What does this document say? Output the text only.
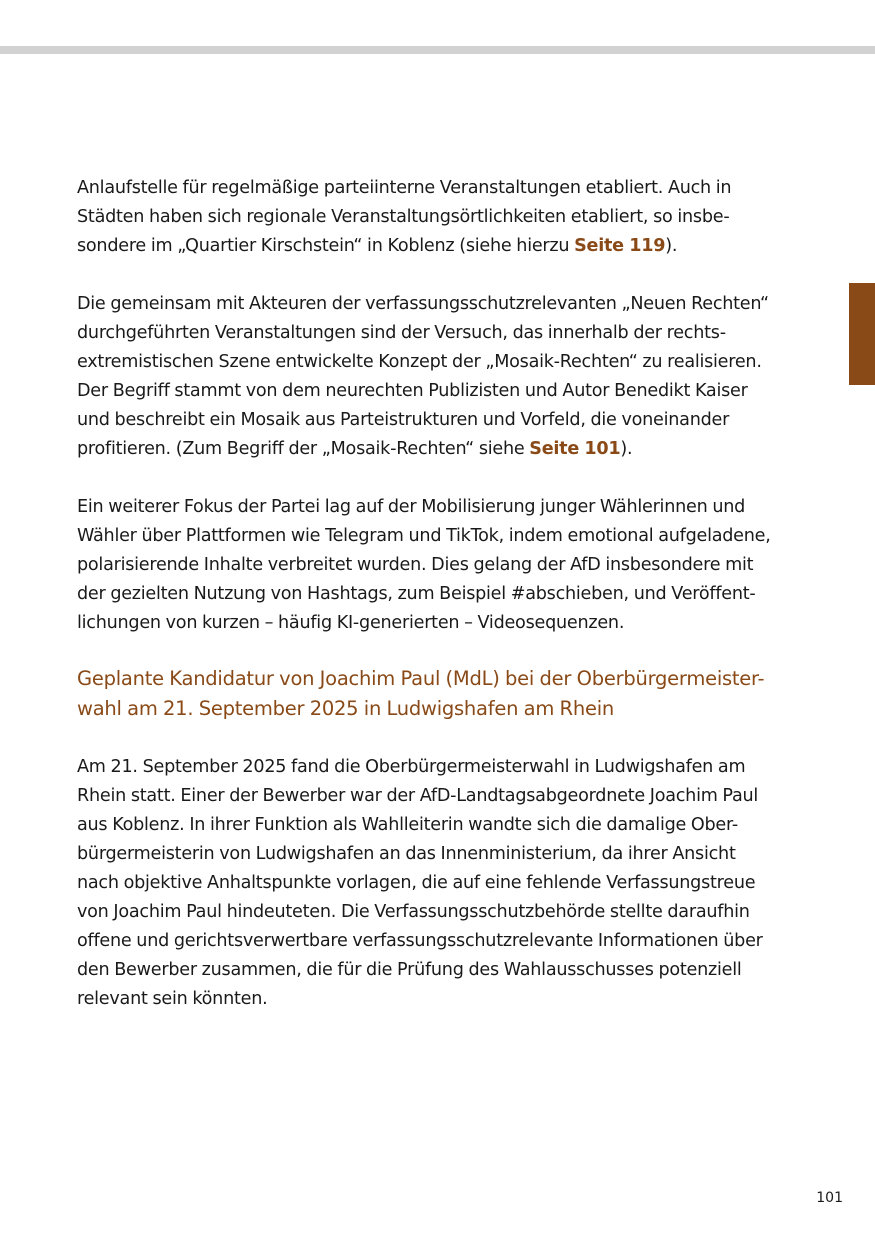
Anlaufstelle für regelmäßige parteiinterne Veranstaltungen etabliert. Auch in
Städten haben sich regionale Veranstaltungsörtlichkeiten etabliert, so insbe-
sondere im „Quartier Kirschstein“ in Koblenz (siehe hierzu Seite 119).

Die gemeinsam mit Akteuren der verfassungsschutzrelevanten „Neuen Rechten“
durchgeführten Veranstaltungen sind der Versuch, das innerhalb der rechts-
extremistischen Szene entwickelte Konzept der „Mosaik-Rechten“ zu realisieren.
Der Begriff stammt von dem neurechten Publizisten und Autor Benedikt Kaiser
und beschreibt ein Mosaik aus Parteistrukturen und Vorfeld, die voneinander
profitieren. (Zum Begriff der „Mosaik-Rechten“ siehe Seite 101).

Ein weiterer Fokus der Partei lag auf der Mobilisierung junger Wählerinnen und
Wähler über Plattformen wie Telegram und TikTok, indem emotional aufgeladene,
polarisierende Inhalte verbreitet wurden. Dies gelang der AfD insbesondere mit
der gezielten Nutzung von Hashtags, zum Beispiel #abschieben, und Veröffent-
lichungen von kurzen – häufig KI-generierten – Videosequenzen.

Geplante Kandidatur von Joachim Paul (MdL) bei der Oberbürgermeister-
wahl am 21. September 2025 in Ludwigshafen am Rhein

Am 21. September 2025 fand die Oberbürgermeisterwahl in Ludwigshafen am
Rhein statt. Einer der Bewerber war der AfD-Landtagsabgeordnete Joachim Paul
aus Koblenz. In ihrer Funktion als Wahlleiterin wandte sich die damalige Ober-
bürgermeisterin von Ludwigshafen an das Innenministerium, da ihrer Ansicht
nach objektive Anhaltspunkte vorlagen, die auf eine fehlende Verfassungstreue
von Joachim Paul hindeuteten. Die Verfassungsschutzbehörde stellte daraufhin
offene und gerichtsverwertbare verfassungsschutzrelevante Informationen über
den Bewerber zusammen, die für die Prüfung des Wahlausschusses potenziell
relevant sein könnten.

101
